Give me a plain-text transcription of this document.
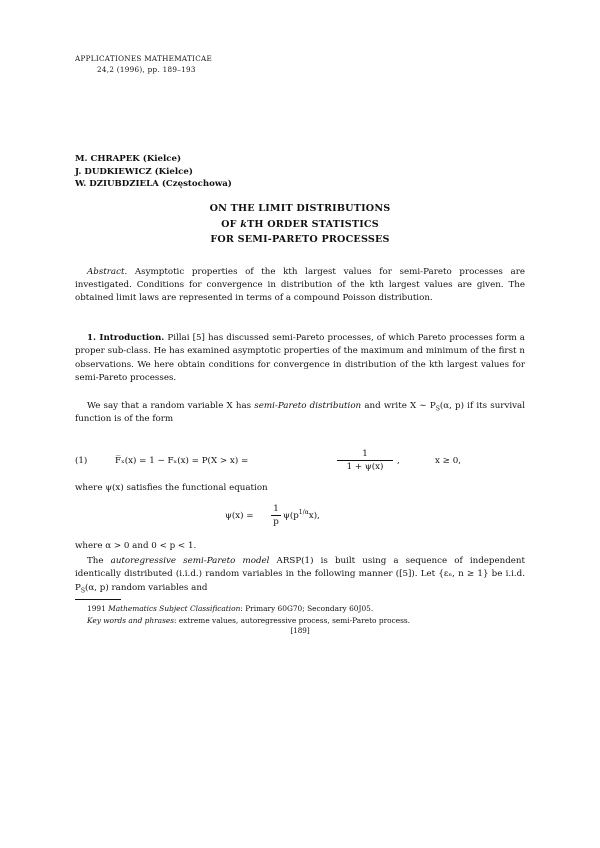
APPLICATIONES MATHEMATICAE
24,2 (1996), pp. 189–193
M. CHRAPEK (Kielce)
J. DUDKIEWICZ (Kielce)
W. DZIUBDZIELA (Częstochowa)
ON THE LIMIT DISTRIBUTIONS
OF kTH ORDER STATISTICS
FOR SEMI-PARETO PROCESSES
Abstract. Asymptotic properties of the kth largest values for semi-Pareto processes are investigated. Conditions for convergence in distribution of the kth largest values are given. The obtained limit laws are represented in terms of a compound Poisson distribution.
1. Introduction. Pillai [5] has discussed semi-Pareto processes, of which Pareto processes form a proper sub-class. He has examined asymptotic properties of the maximum and minimum of the first n observations. We here obtain conditions for convergence in distribution of the kth largest values for semi-Pareto processes.
We say that a random variable X has semi-Pareto distribution and write X ∼ $P_S(\alpha$, p) if its survival function is of the form
(1)	F̅ₓ(x) = 1 − Fₓ(x) = P(X > x) =	$\frac{1}{1 + \psi(x)}$ ,	x ≥ 0,
where ψ(x) satisfies the functional equation
$\psi(x) = \frac{1}{p} \psi(p^{1/\alpha}x)$,
where α > 0 and 0 < p < 1.
The autoregressive semi-Pareto model ARSP(1) is built using a sequence of independent identically distributed (i.i.d.) random variables in the following manner ([5]). Let {εₙ, n ≥ 1} be i.i.d. $P_S(\alpha$, p) random variables and
1991 Mathematics Subject Classification: Primary 60G70; Secondary 60J05.
Key words and phrases: extreme values, autoregressive process, semi-Pareto process.
[189]
